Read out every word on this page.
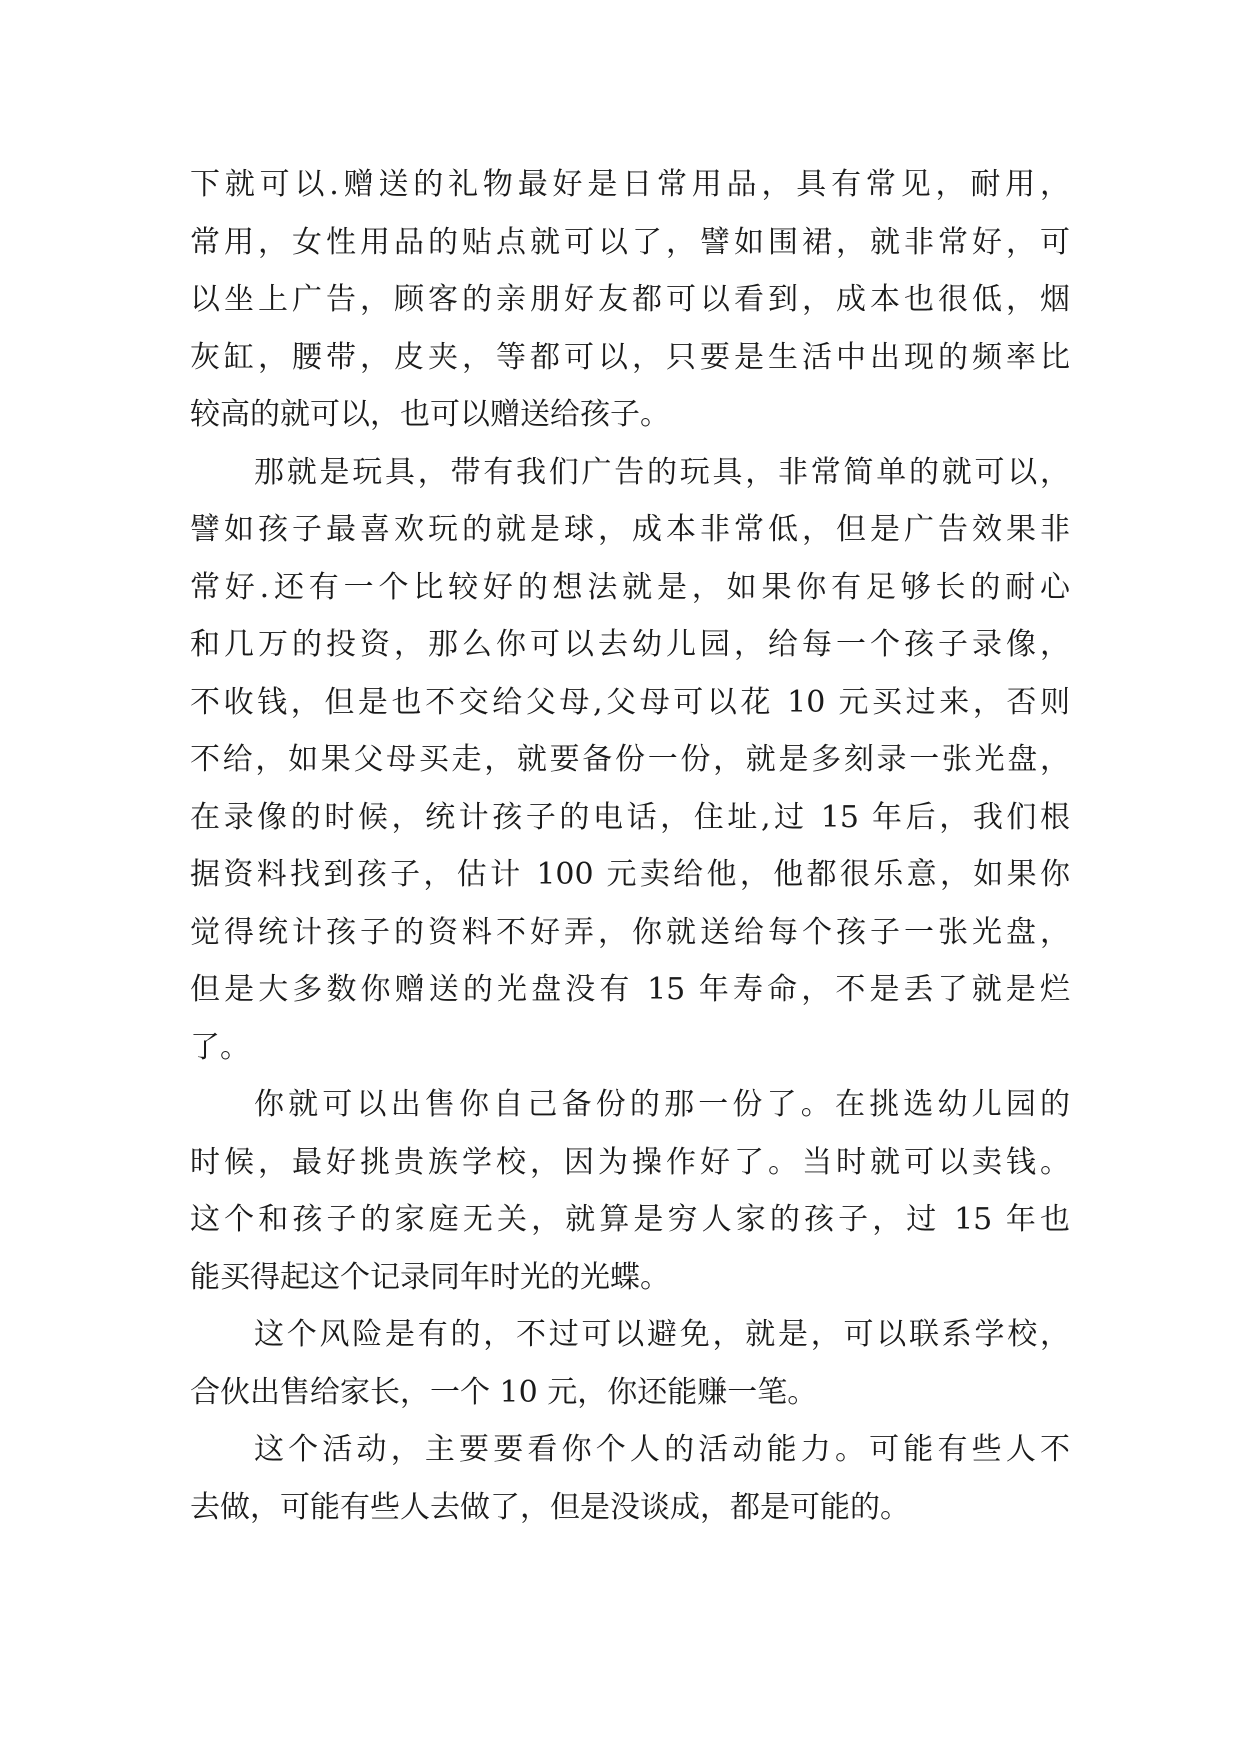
下就可以.赠送的礼物最好是日常用品，具有常见，耐用，
常用，女性用品的贴点就可以了，譬如围裙，就非常好，可
以坐上广告，顾客的亲朋好友都可以看到，成本也很低，烟
灰缸，腰带，皮夹，等都可以，只要是生活中出现的频率比
较高的就可以，也可以赠送给孩子。
那就是玩具，带有我们广告的玩具，非常简单的就可以，
譬如孩子最喜欢玩的就是球，成本非常低，但是广告效果非
常好.还有一个比较好的想法就是，如果你有足够长的耐心
和几万的投资，那么你可以去幼儿园，给每一个孩子录像，
不收钱，但是也不交给父母,父母可以花 10 元买过来，否则
不给，如果父母买走，就要备份一份，就是多刻录一张光盘，
在录像的时候，统计孩子的电话，住址,过 15 年后，我们根
据资料找到孩子，估计 100 元卖给他，他都很乐意，如果你
觉得统计孩子的资料不好弄，你就送给每个孩子一张光盘，
但是大多数你赠送的光盘没有 15 年寿命，不是丢了就是烂
了。
你就可以出售你自己备份的那一份了。在挑选幼儿园的
时候，最好挑贵族学校，因为操作好了。当时就可以卖钱。
这个和孩子的家庭无关，就算是穷人家的孩子，过 15 年也
能买得起这个记录同年时光的光蝶。
这个风险是有的，不过可以避免，就是，可以联系学校，
合伙出售给家长，一个 10 元，你还能赚一笔。
这个活动，主要要看你个人的活动能力。可能有些人不
去做，可能有些人去做了，但是没谈成，都是可能的。
